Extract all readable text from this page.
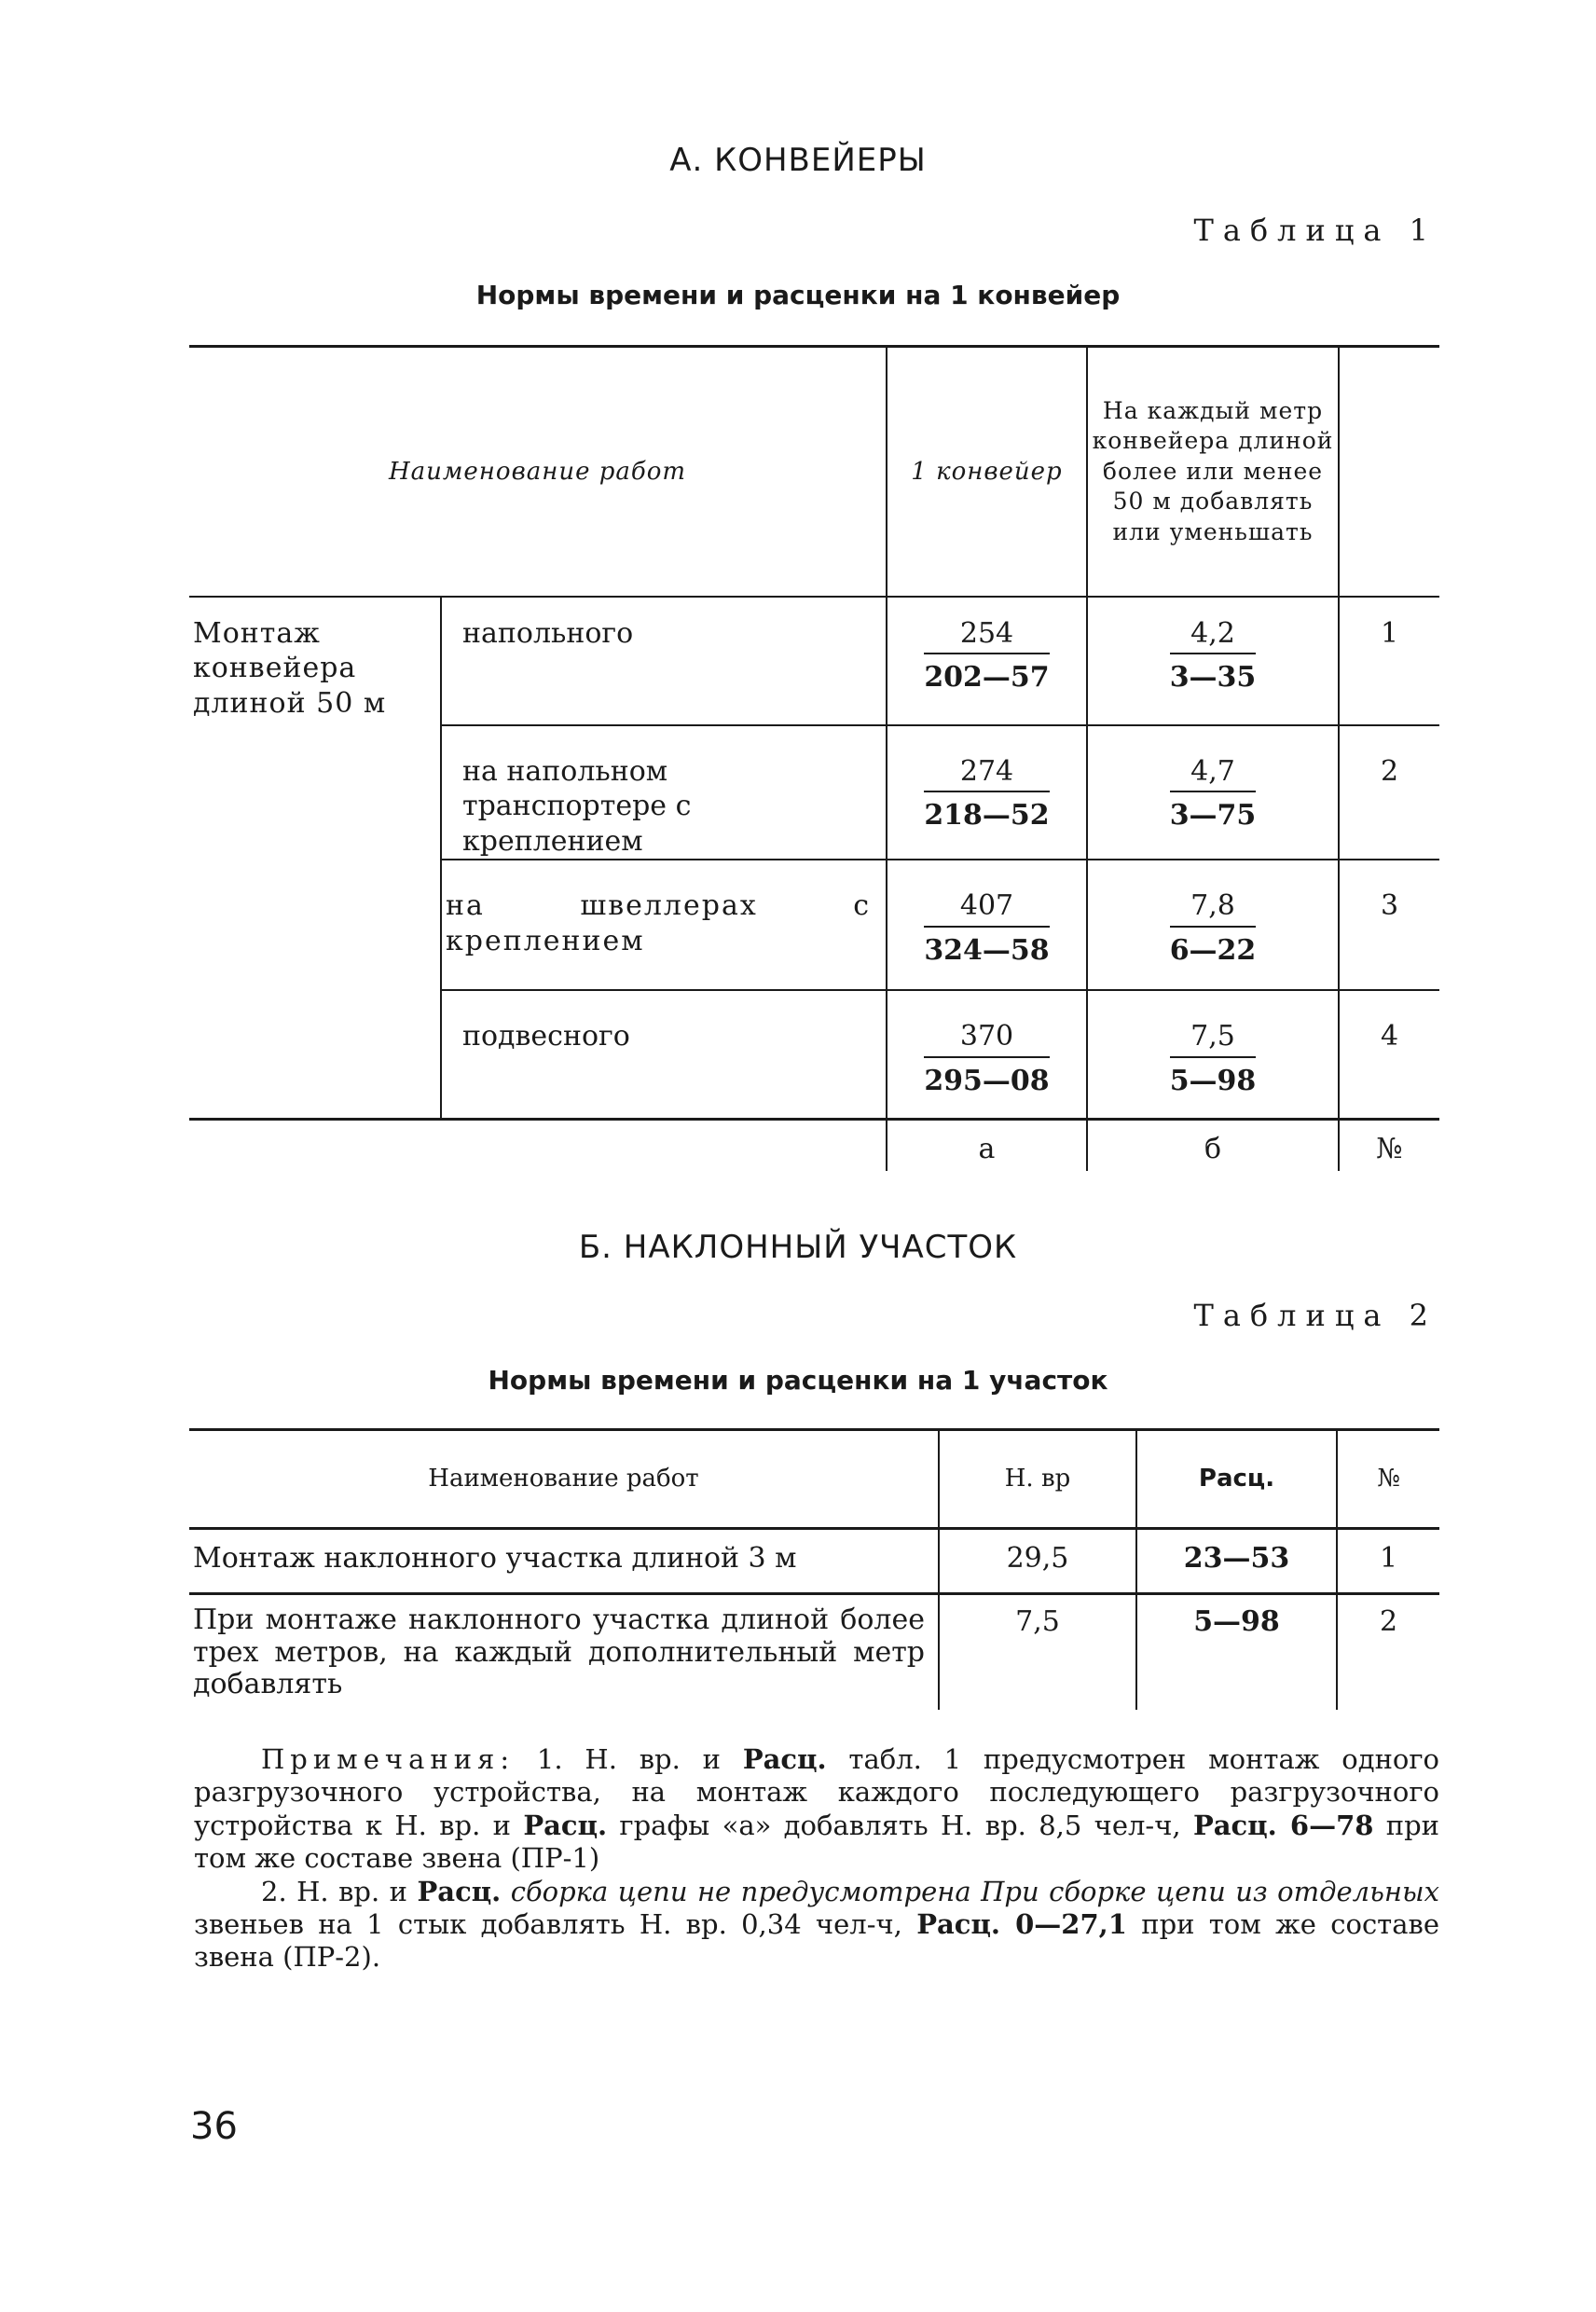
А. КОНВЕЙЕРЫ
Таблица 1
Нормы времени и расценки на 1 конвейер
Наименование работ		1 конвейер	На каждый метр конвейера длиной более или менее 50 м добавлять или уменьшать	
Монтаж конвейера длиной 50 м	напольного	$\frac{254}{202—57}$	$\frac{4,2}{3—35}$	1
	на напольном транспортере с креплением	$\frac{274}{218—52}$	$\frac{4,7}{3—75}$	2
	на швеллерах с креплением	$\frac{407}{324—58}$	$\frac{7,8}{6—22}$	3
	подвесного	$\frac{370}{295—08}$	$\frac{7,5}{5—98}$	4
		а	б	№
Б. НАКЛОННЫЙ УЧАСТОК
Таблица 2
Нормы времени и расценки на 1 участок
Наименование работ	Н. вр	Расц.	№
Монтаж наклонного участка длиной 3 м	29,5	23—53	1
При монтаже наклонного участка длиной более трех метров, на каждый дополнительный метр добавлять	7,5	5—98	2
Примечания: 1. Н. вр. и Расц. табл. 1 предусмотрен монтаж одного разгрузочного устройства, на монтаж каждого последующего разгрузочного устройства к Н. вр. и Расц. графы «а» добавлять Н. вр. 8,5 чел-ч, Расц. 6—78 при том же составе звена (ПР-1)
2. Н. вр. и Расц. сборка цепи не предусмотрена При сборке цепи из отдельных звеньев на 1 стык добавлять Н. вр. 0,34 чел-ч, Расц. 0—27,1 при том же составе звена (ПР-2).
36
